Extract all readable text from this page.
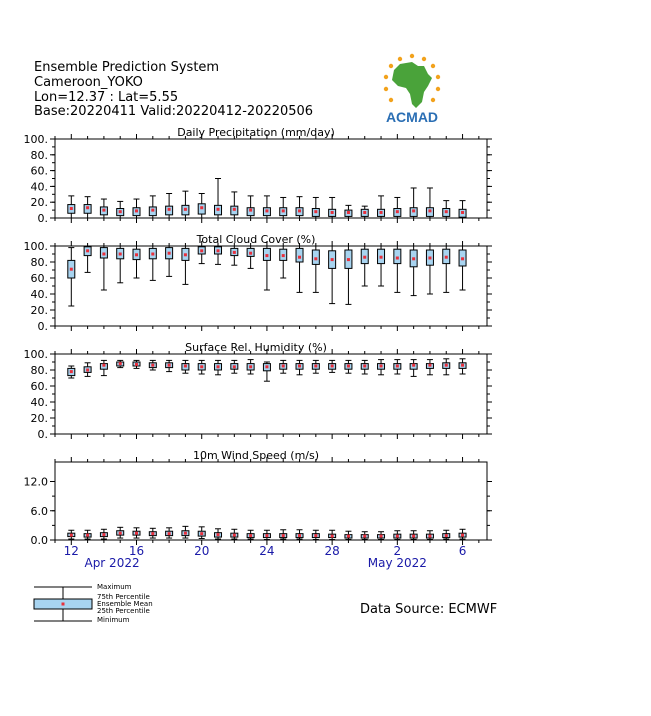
Ensemble Prediction System
Cameroon_YOKO
Lon=12.37 : Lat=5.55
Base:20220411 Valid:20220412-20220506	ACMAD
Daily Precipitation (mm/day)
0.
20.
40.
60.
80.
100.
Total Cloud Cover (%)
0.
20.
40.
60.
80.
100.
Surface Rel. Humidity (%)
0.
20.
40.
60.
80.
100.
10m Wind Speed (m/s)
0.0
6.0
12.0
12	16	20	24	28	2	6
Apr 2022	May 2022
Data Source: ECMWF
Maximum
75th Percentile
Ensemble Mean
25th Percentile
Minimum
